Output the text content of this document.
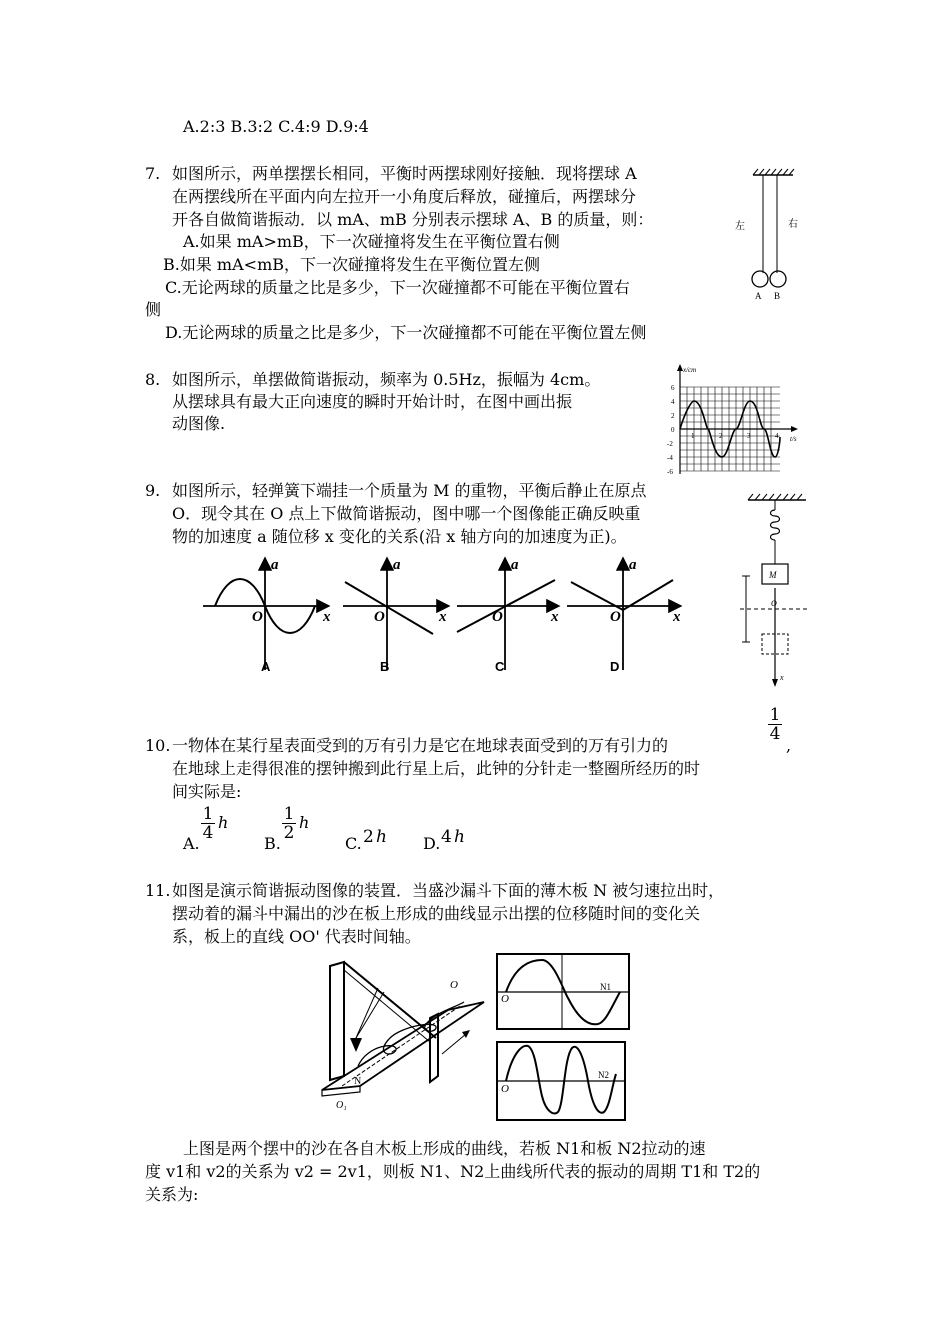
A.2:3 B.3:2 C.4:9 D.9:4
7. 如图所示，两单摆摆长相同，平衡时两摆球刚好接触．现将摆球 A
在两摆线所在平面内向左拉开一小角度后释放，碰撞后，两摆球分
开各自做简谐振动．以 mA、mB 分别表示摆球 A、B 的质量，则：
A.如果 mA>mB，下一次碰撞将发生在平衡位置右侧
B.如果 mA<mB，下一次碰撞将发生在平衡位置左侧
C.无论两球的质量之比是多少，下一次碰撞都不可能在平衡位置右
侧
D.无论两球的质量之比是多少，下一次碰撞都不可能在平衡位置左侧
左	右
A B
8. 如图所示，单摆做简谐振动，频率为 0.5Hz，振幅为 4cm。
从摆球具有最大正向速度的瞬时开始计时，在图中画出振
动图像.
x/cm
t/s
6
4
2
0
-2
-4
-6
1	2	3	4
9. 如图所示，轻弹簧下端挂一个质量为 M 的重物，平衡后静止在原点
O．现令其在 O 点上下做简谐振动，图中哪一个图像能正确反映重
物的加速度 a 随位移 x 变化的关系(沿 x 轴方向的加速度为正)。
a
x
O
a
x
O
a
x
O
a
x
O
A	B	C	D
M
O
x
10. 一物体在某行星表面受到的万有引力是它在地球表面受到的万有引力的
$\frac{1}{4}$
,
在地球上走得很准的摆钟搬到此行星上后，此钟的分针走一整圈所经历的时
间实际是:
A.
$\frac{1}{4}$ h
B.
$\frac{1}{2}$ h
C. 2 h D. 4 h
11. 如图是演示简谐振动图像的装置．当盛沙漏斗下面的薄木板 N 被匀速拉出时，
摆动着的漏斗中漏出的沙在板上形成的曲线显示出摆的位移随时间的变化关
系，板上的直线 OO' 代表时间轴。
O
O₁
N
O
N1
O
N2
上图是两个摆中的沙在各自木板上形成的曲线，若板 N1和板 N2拉动的速
度 v1和 v2的关系为 v2 = 2v1，则板 N1、N2上曲线所代表的振动的周期 T1和 T2的
关系为:
